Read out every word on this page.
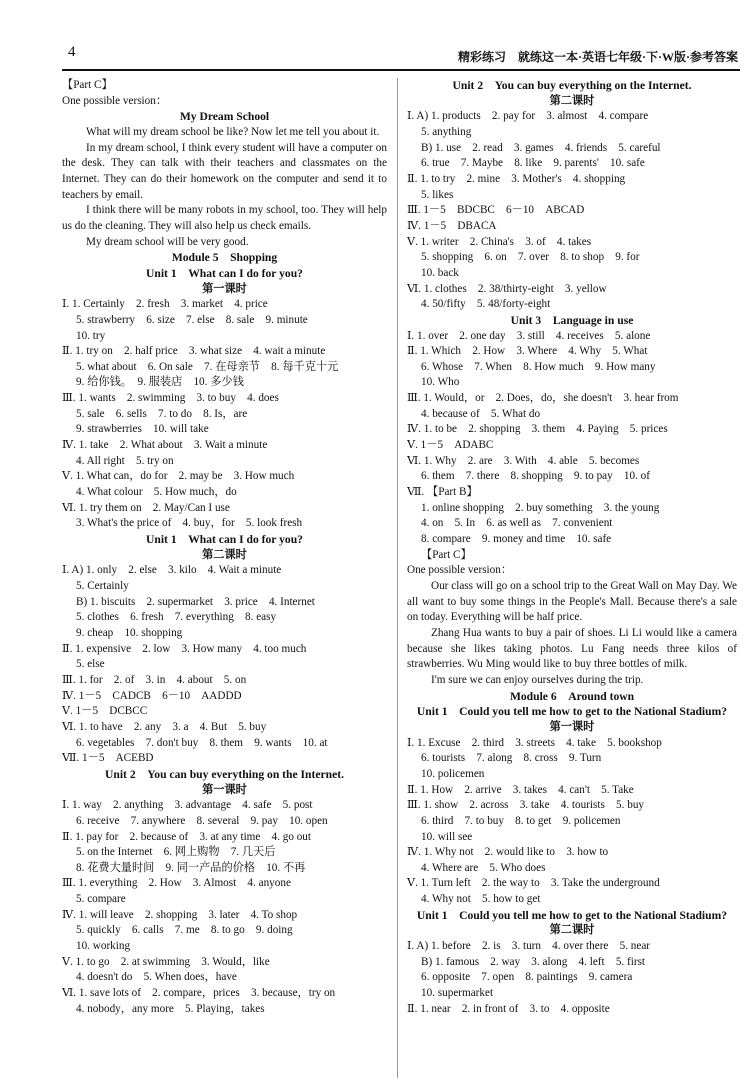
4	精彩练习　就练这一本·英语七年级·下·W版·参考答案
【Part C】
One possible version：
My Dream School
What will my dream school be like? Now let me tell you about it.
In my dream school, I think every student will have a computer on the desk. They can talk with their teachers and classmates on the Internet. They can do their homework on the computer and send it to teachers by email.
I think there will be many robots in my school, too. They will help us do the cleaning. They will also help us check emails.
My dream school will be very good.
Module 5　Shopping
Unit 1　What can I do for you?
第一课时
Ⅰ. 1. Certainly　2. fresh　3. market　4. price
5. strawberry　6. size　7. else　8. sale　9. minute
10. try
Ⅱ. 1. try on　2. half price　3. what size　4. wait a minute
5. what about　6. On sale　7. 在母亲节　8. 每千克十元
9. 给你钱。　9. 服装店　10. 多少钱
Ⅲ. 1. wants　2. swimming　3. to buy　4. does
5. sale　6. sells　7. to do　8. Is，are
9. strawberries　10. will take
Ⅳ. 1. take　2. What about　3. Wait a minute
4. All right　5. try on
Ⅴ. 1. What can，do for　2. may be　3. How much
4. What colour　5. How much，do
Ⅵ. 1. try them on　2. May/Can I use
3. What's the price of　4. buy，for　5. look fresh
Unit 1　What can I do for you?
第二课时
Ⅰ. A) 1. only　2. else　3. kilo　4. Wait a minute
5. Certainly
B) 1. biscuits　2. supermarket　3. price　4. Internet
5. clothes　6. fresh　7. everything　8. easy
9. cheap　10. shopping
Ⅱ. 1. expensive　2. low　3. How many　4. too much
5. else
Ⅲ. 1. for　2. of　3. in　4. about　5. on
Ⅳ. 1－5　CADCB　6－10　AADDD
Ⅴ. 1－5　DCBCC
Ⅵ. 1. to have　2. any　3. a　4. But　5. buy
6. vegetables　7. don't buy　8. them　9. wants　10. at
Ⅶ. 1－5　ACEBD
Unit 2　You can buy everything on the Internet.
第一课时
Ⅰ. 1. way　2. anything　3. advantage　4. safe　5. post
6. receive　7. anywhere　8. several　9. pay　10. open
Ⅱ. 1. pay for　2. because of　3. at any time　4. go out
5. on the Internet　6. 网上购物　7. 几天后
8. 花费大量时间　9. 同一产品的价格　10. 不再
Ⅲ. 1. everything　2. How　3. Almost　4. anyone
5. compare
Ⅳ. 1. will leave　2. shopping　3. later　4. To shop
5. quickly　6. calls　7. me　8. to go　9. doing
10. working
Ⅴ. 1. to go　2. at swimming　3. Would，like
4. doesn't do　5. When does，have
Ⅵ. 1. save lots of　2. compare，prices　3. because，try on
4. nobody，any more　5. Playing，takes
Unit 2　You can buy everything on the Internet.
第二课时
Ⅰ. A) 1. products　2. pay for　3. almost　4. compare
5. anything
B) 1. use　2. read　3. games　4. friends　5. careful
6. true　7. Maybe　8. like　9. parents'　10. safe
Ⅱ. 1. to try　2. mine　3. Mother's　4. shopping
5. likes
Ⅲ. 1－5　BDCBC　6－10　ABCAD
Ⅳ. 1－5　DBACA
Ⅴ. 1. writer　2. China's　3. of　4. takes
5. shopping　6. on　7. over　8. to shop　9. for
10. back
Ⅵ. 1. clothes　2. 38/thirty-eight　3. yellow
4. 50/fifty　5. 48/forty-eight
Unit 3　Language in use
Ⅰ. 1. over　2. one day　3. still　4. receives　5. alone
Ⅱ. 1. Which　2. How　3. Where　4. Why　5. What
6. Whose　7. When　8. How much　9. How many
10. Who
Ⅲ. 1. Would，or　2. Does，do，she doesn't　3. hear from
4. because of　5. What do
Ⅳ. 1. to be　2. shopping　3. them　4. Paying　5. prices
Ⅴ. 1－5　ADABC
Ⅵ. 1. Why　2. are　3. With　4. able　5. becomes
6. them　7. there　8. shopping　9. to pay　10. of
Ⅶ. 【Part B】
1. online shopping　2. buy something　3. the young
4. on　5. In　6. as well as　7. convenient
8. compare　9. money and time　10. safe
【Part C】
One possible version：
Our class will go on a school trip to the Great Wall on May Day. We all want to buy some things in the People's Mall. Because there's a sale on today. Everything will be half price.
Zhang Hua wants to buy a pair of shoes. Li Li would like a camera because she likes taking photos. Lu Fang needs three kilos of strawberries. Wu Ming would like to buy three bottles of milk.
I'm sure we can enjoy ourselves during the trip.
Module 6　Around town
Unit 1　Could you tell me how to get to the National Stadium?
第一课时
Ⅰ. 1. Excuse　2. third　3. streets　4. take　5. bookshop
6. tourists　7. along　8. cross　9. Turn
10. policemen
Ⅱ. 1. How　2. arrive　3. takes　4. can't　5. Take
Ⅲ. 1. show　2. across　3. take　4. tourists　5. buy
6. third　7. to buy　8. to get　9. policemen
10. will see
Ⅳ. 1. Why not　2. would like to　3. how to
4. Where are　5. Who does
Ⅴ. 1. Turn left　2. the way to　3. Take the underground
4. Why not　5. how to get
Unit 1　Could you tell me how to get to the National Stadium?
第二课时
Ⅰ. A) 1. before　2. is　3. turn　4. over there　5. near
B) 1. famous　2. way　3. along　4. left　5. first
6. opposite　7. open　8. paintings　9. camera
10. supermarket
Ⅱ. 1. near　2. in front of　3. to　4. opposite
